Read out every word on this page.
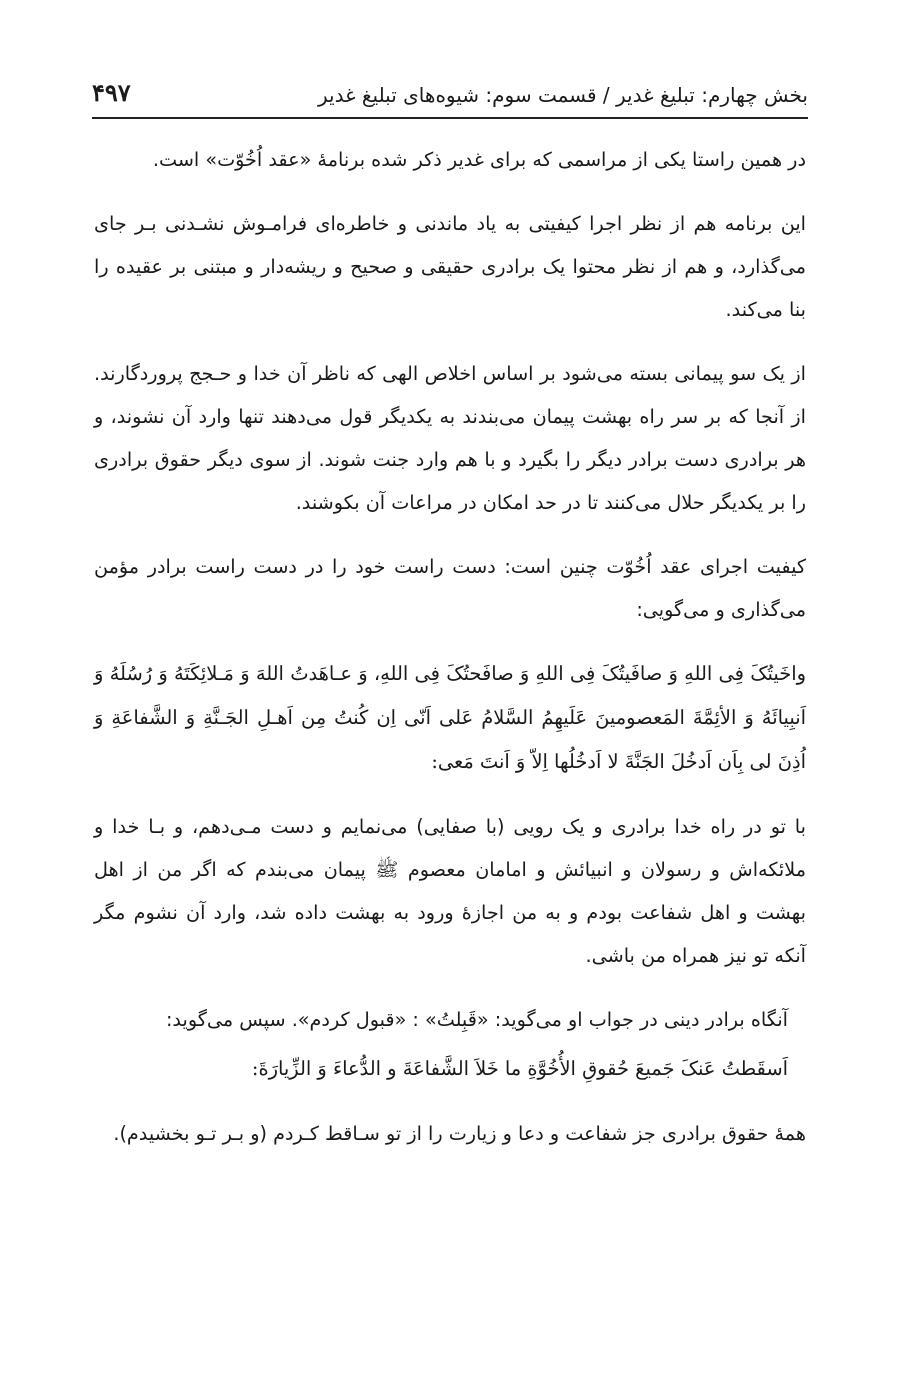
بخش چهارم: تبلیغ غدیر / قسمت سوم: شیوه‌های تبلیغ غدیر
۴۹۷

در همین راستا یکی از مراسمی که برای غدیر ذکر شده برنامۀ «عقد اُخُوّت» است.

این برنامه هم از نظر اجرا کیفیتی به یاد ماندنی و خاطره‌ای فرامـوش نشـدنی بـر جای می‌گذارد، و هم از نظر محتوا یک برادری حقیقی و صحیح و ریشه‌دار و مبتنی بر عقیده را بنا می‌کند.

از یک سو پیمانی بسته می‌شود بر اساس اخلاص الهی که ناظر آن خدا و حـجج پروردگارند. از آنجا که بر سر راه بهشت پیمان می‌بندند به یکدیگر قول می‌دهند تنها وارد آن نشوند، و هر برادری دست برادر دیگر را بگیرد و با هم وارد جنت شوند. از سوی دیگر حقوق برادری را بر یکدیگر حلال می‌کنند تا در حد امکان در مراعات آن بکوشند.

کیفیت اجرای عقد اُخُوّت چنین است: دست راست خود را در دست راست برادر مؤمن می‌گذاری و می‌گویی:

واخَیتُکَ فِی اللهِ وَ صافَیتُکَ فِی اللهِ وَ صافَحتُکَ فِی اللهِ، وَ عـاهَدتُ اللهَ وَ مَـلائِکَتَهُ وَ رُسُلَهُ وَ اَنبِیائَهُ وَ الأئِمَّةَ المَعصومینَ عَلَیهِمُ السَّلامُ عَلی اَنّی اِن کُنتُ مِن اَهـلِ الجَـنَّةِ وَ الشَّفاعَةِ وَ اُذِنَ لی بِاَن اَدخُلَ الجَنَّةَ لا اَدخُلُها اِلاّ وَ اَنتَ مَعی:

با تو در راه خدا برادری و یک رویی (با صفایی) می‌نمایم و دست مـی‌دهم، و بـا خدا و ملائکه‌اش و رسولان و انبیائش و امامان معصوم ﷺ پیمان می‌بندم که اگر من از اهل بهشت و اهل شفاعت بودم و به من اجازۀ ورود به بهشت داده شد، وارد آن نشوم مگر آنکه تو نیز همراه من باشی.

آنگاه برادر دینی در جواب او می‌گوید: «قَبِلتُ» : «قبول کردم». سپس می‌گوید:

اَسقَطتُ عَنکَ جَمیعَ حُقوقِ الأُخُوَّةِ ما خَلاَ الشَّفاعَةَ و الدُّعاءَ وَ الزِّیارَةَ:

همۀ حقوق برادری جز شفاعت و دعا و زیارت را از تو سـاقط کـردم (و بـر تـو بخشیدم).
